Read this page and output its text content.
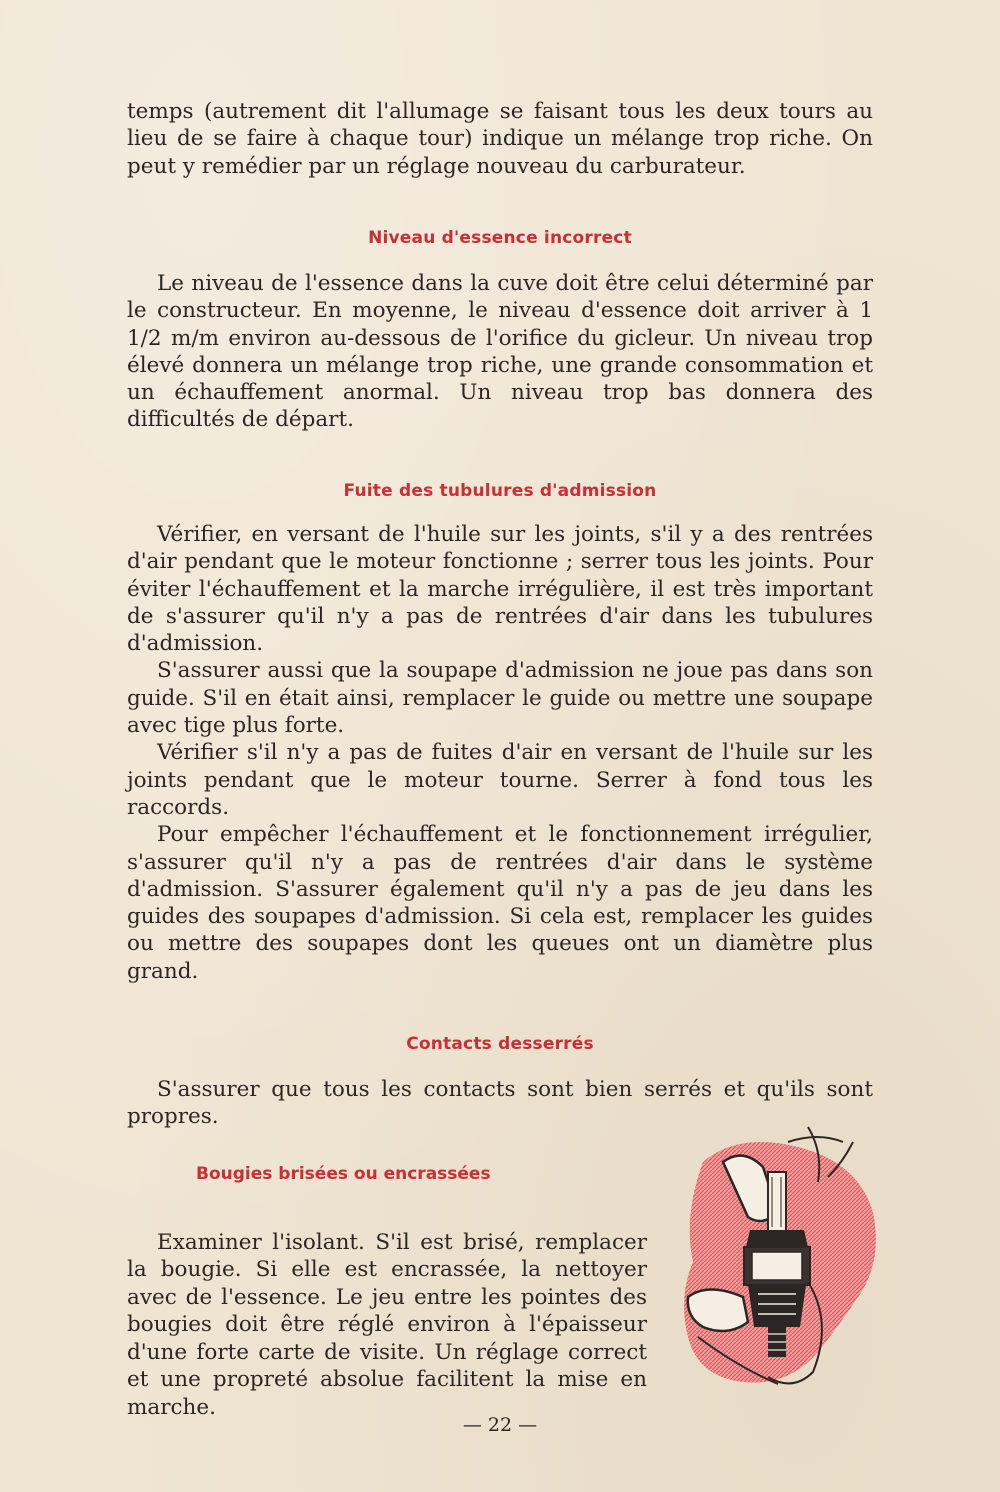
temps (autrement dit l'allumage se faisant tous les deux tours au lieu de se faire à chaque tour) indique un mélange trop riche. On peut y remédier par un réglage nouveau du carburateur.

Niveau d'essence incorrect

Le niveau de l'essence dans la cuve doit être celui déterminé par le constructeur. En moyenne, le niveau d'essence doit arriver à 1 1/2 m/m environ au-dessous de l'orifice du gicleur. Un niveau trop élevé donnera un mélange trop riche, une grande consommation et un échauffement anormal. Un niveau trop bas donnera des difficultés de départ.

Fuite des tubulures d'admission

Vérifier, en versant de l'huile sur les joints, s'il y a des rentrées d'air pendant que le moteur fonctionne ; serrer tous les joints. Pour éviter l'échauffement et la marche irrégulière, il est très important de s'assurer qu'il n'y a pas de rentrées d'air dans les tubulures d'admission.

S'assurer aussi que la soupape d'admission ne joue pas dans son guide. S'il en était ainsi, remplacer le guide ou mettre une soupape avec tige plus forte.

Vérifier s'il n'y a pas de fuites d'air en versant de l'huile sur les joints pendant que le moteur tourne. Serrer à fond tous les raccords.

Pour empêcher l'échauffement et le fonctionnement irrégulier, s'assurer qu'il n'y a pas de rentrées d'air dans le système d'admission. S'assurer également qu'il n'y a pas de jeu dans les guides des soupapes d'admission. Si cela est, remplacer les guides ou mettre des soupapes dont les queues ont un diamètre plus grand.

Contacts desserrés

S'assurer que tous les contacts sont bien serrés et qu'ils sont propres.

Bougies brisées ou encrassées

Examiner l'isolant. S'il est brisé, remplacer la bougie. Si elle est encrassée, la nettoyer avec de l'essence. Le jeu entre les pointes des bougies doit être réglé environ à l'épaisseur d'une forte carte de visite. Un réglage correct et une propreté absolue facilitent la mise en marche.

— 22 —
